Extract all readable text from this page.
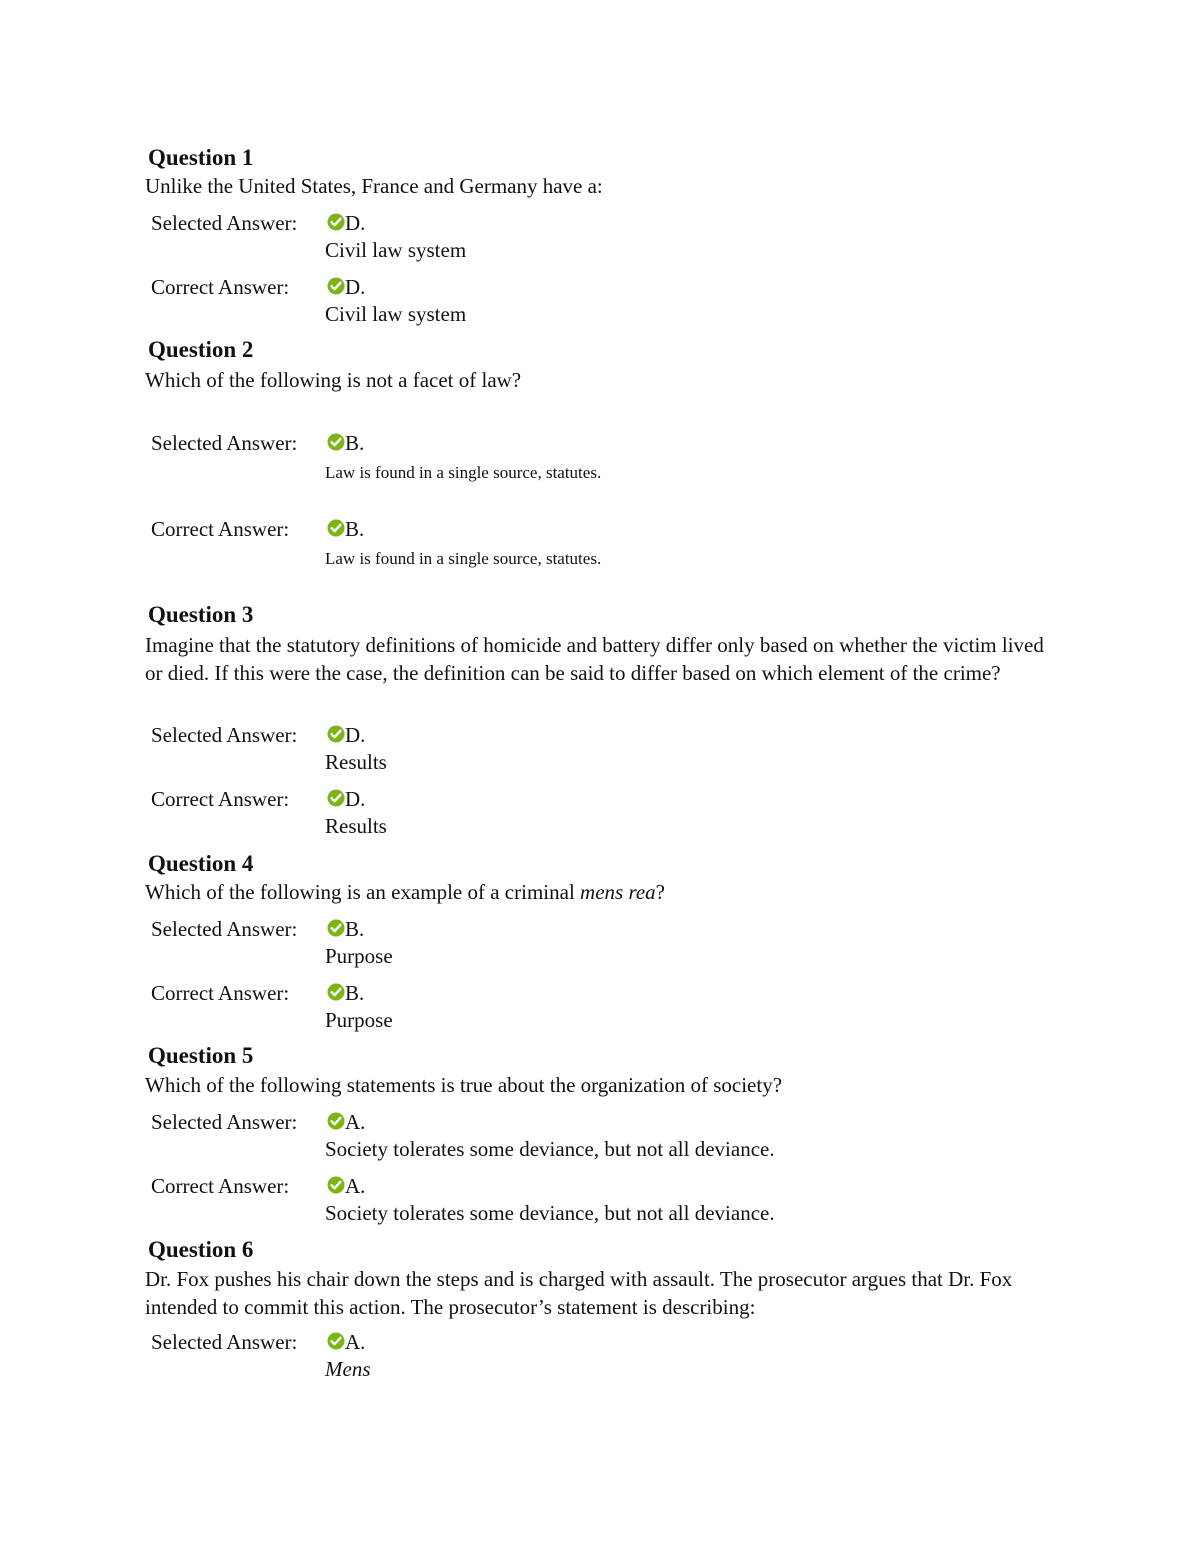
Question 1
Unlike the United States, France and Germany have a:
Selected Answer:	D.
Civil law system
Correct Answer:	D.
Civil law system
Question 2
Which of the following is not a facet of law?
Selected Answer:	B.
Law is found in a single source, statutes.
Correct Answer:	B.
Law is found in a single source, statutes.
Question 3
Imagine that the statutory definitions of homicide and battery differ only based on whether the victim lived or died. If this were the case, the definition can be said to differ based on which element of the crime?
Selected Answer:	D.
Results
Correct Answer:	D.
Results
Question 4
Which of the following is an example of a criminal mens rea?
Selected Answer:	B.
Purpose
Correct Answer:	B.
Purpose
Question 5
Which of the following statements is true about the organization of society?
Selected Answer:	A.
Society tolerates some deviance, but not all deviance.
Correct Answer:	A.
Society tolerates some deviance, but not all deviance.
Question 6
Dr. Fox pushes his chair down the steps and is charged with assault. The prosecutor argues that Dr. Fox intended to commit this action. The prosecutor’s statement is describing:
Selected Answer:	A.
Mens
